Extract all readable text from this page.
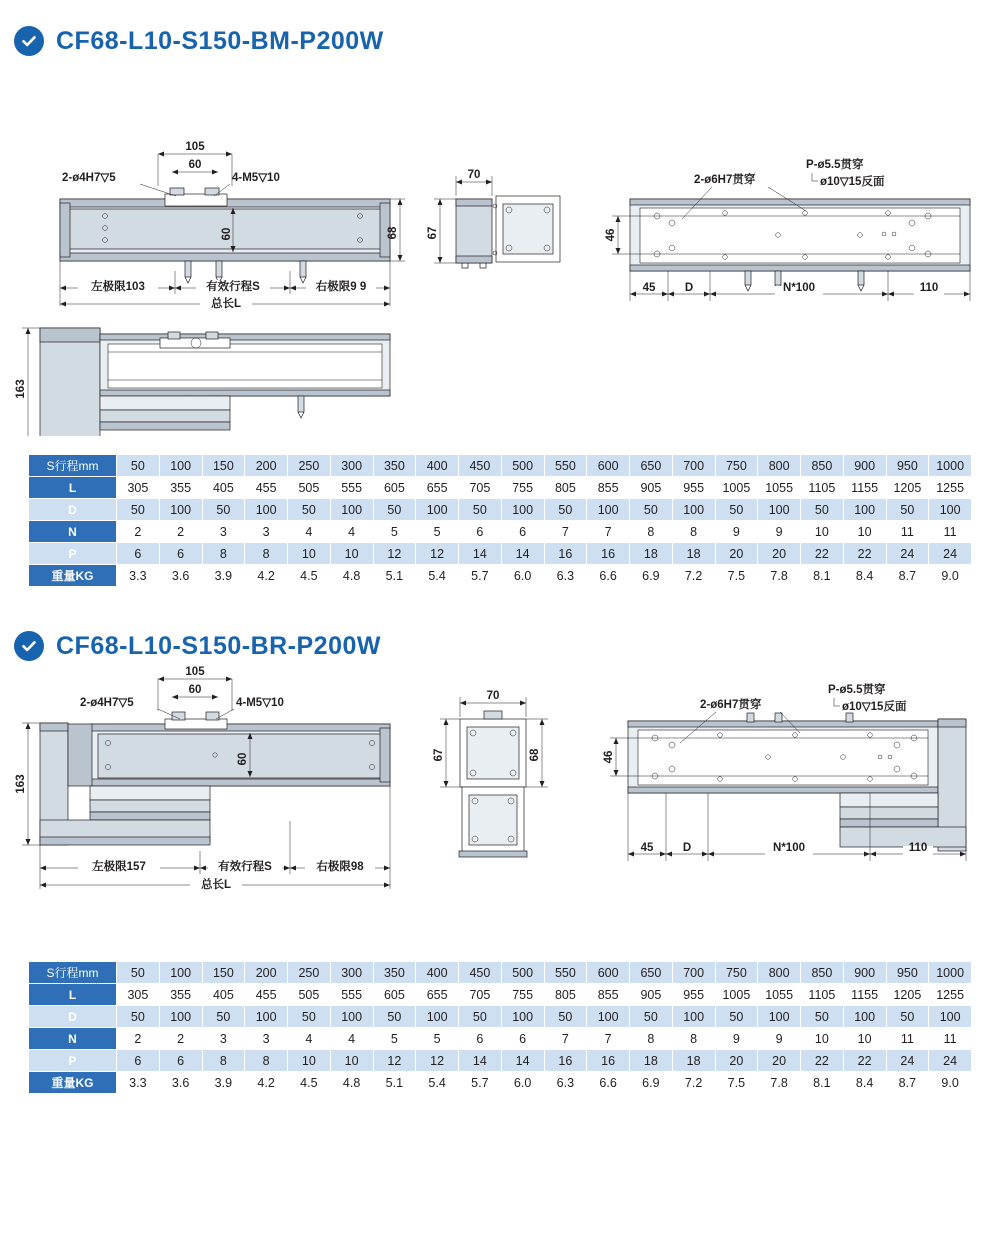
CF68-L10-S150-BM-P200W
105
60
2-ø4H7▽5	4-M5▽10
60	68
左极限103	有效行程S	右极限9 9
总长L
70
67
2-ø6H7贯穿
P-ø5.5贯穿
ø10▽15反面
46
45	D	N*100	110
163
S行程mm	50	100	150	200	250	300	350	400	450	500	550	600	650	700	750	800	850	900	950	1000
L	305	355	405	455	505	555	605	655	705	755	805	855	905	955	1005	1055	1105	1155	1205	1255
D	50	100	50	100	50	100	50	100	50	100	50	100	50	100	50	100	50	100	50	100
N	2	2	3	3	4	4	5	5	6	6	7	7	8	8	9	9	10	10	11	11
P	6	6	8	8	10	10	12	12	14	14	16	16	18	18	20	20	22	22	24	24
重量KG	3.3	3.6	3.9	4.2	4.5	4.8	5.1	5.4	5.7	6.0	6.3	6.6	6.9	7.2	7.5	7.8	8.1	8.4	8.7	9.0
CF68-L10-S150-BR-P200W
105
60
2-ø4H7▽5	4-M5▽10
60
163
左极限157	有效行程S	右极限98
总长L
70
67	68
2-ø6H7贯穿
P-ø5.5贯穿
ø10▽15反面
46
45	D	N*100	110
S行程mm	50	100	150	200	250	300	350	400	450	500	550	600	650	700	750	800	850	900	950	1000
L	305	355	405	455	505	555	605	655	705	755	805	855	905	955	1005	1055	1105	1155	1205	1255
D	50	100	50	100	50	100	50	100	50	100	50	100	50	100	50	100	50	100	50	100
N	2	2	3	3	4	4	5	5	6	6	7	7	8	8	9	9	10	10	11	11
P	6	6	8	8	10	10	12	12	14	14	16	16	18	18	20	20	22	22	24	24
重量KG	3.3	3.6	3.9	4.2	4.5	4.8	5.1	5.4	5.7	6.0	6.3	6.6	6.9	7.2	7.5	7.8	8.1	8.4	8.7	9.0
